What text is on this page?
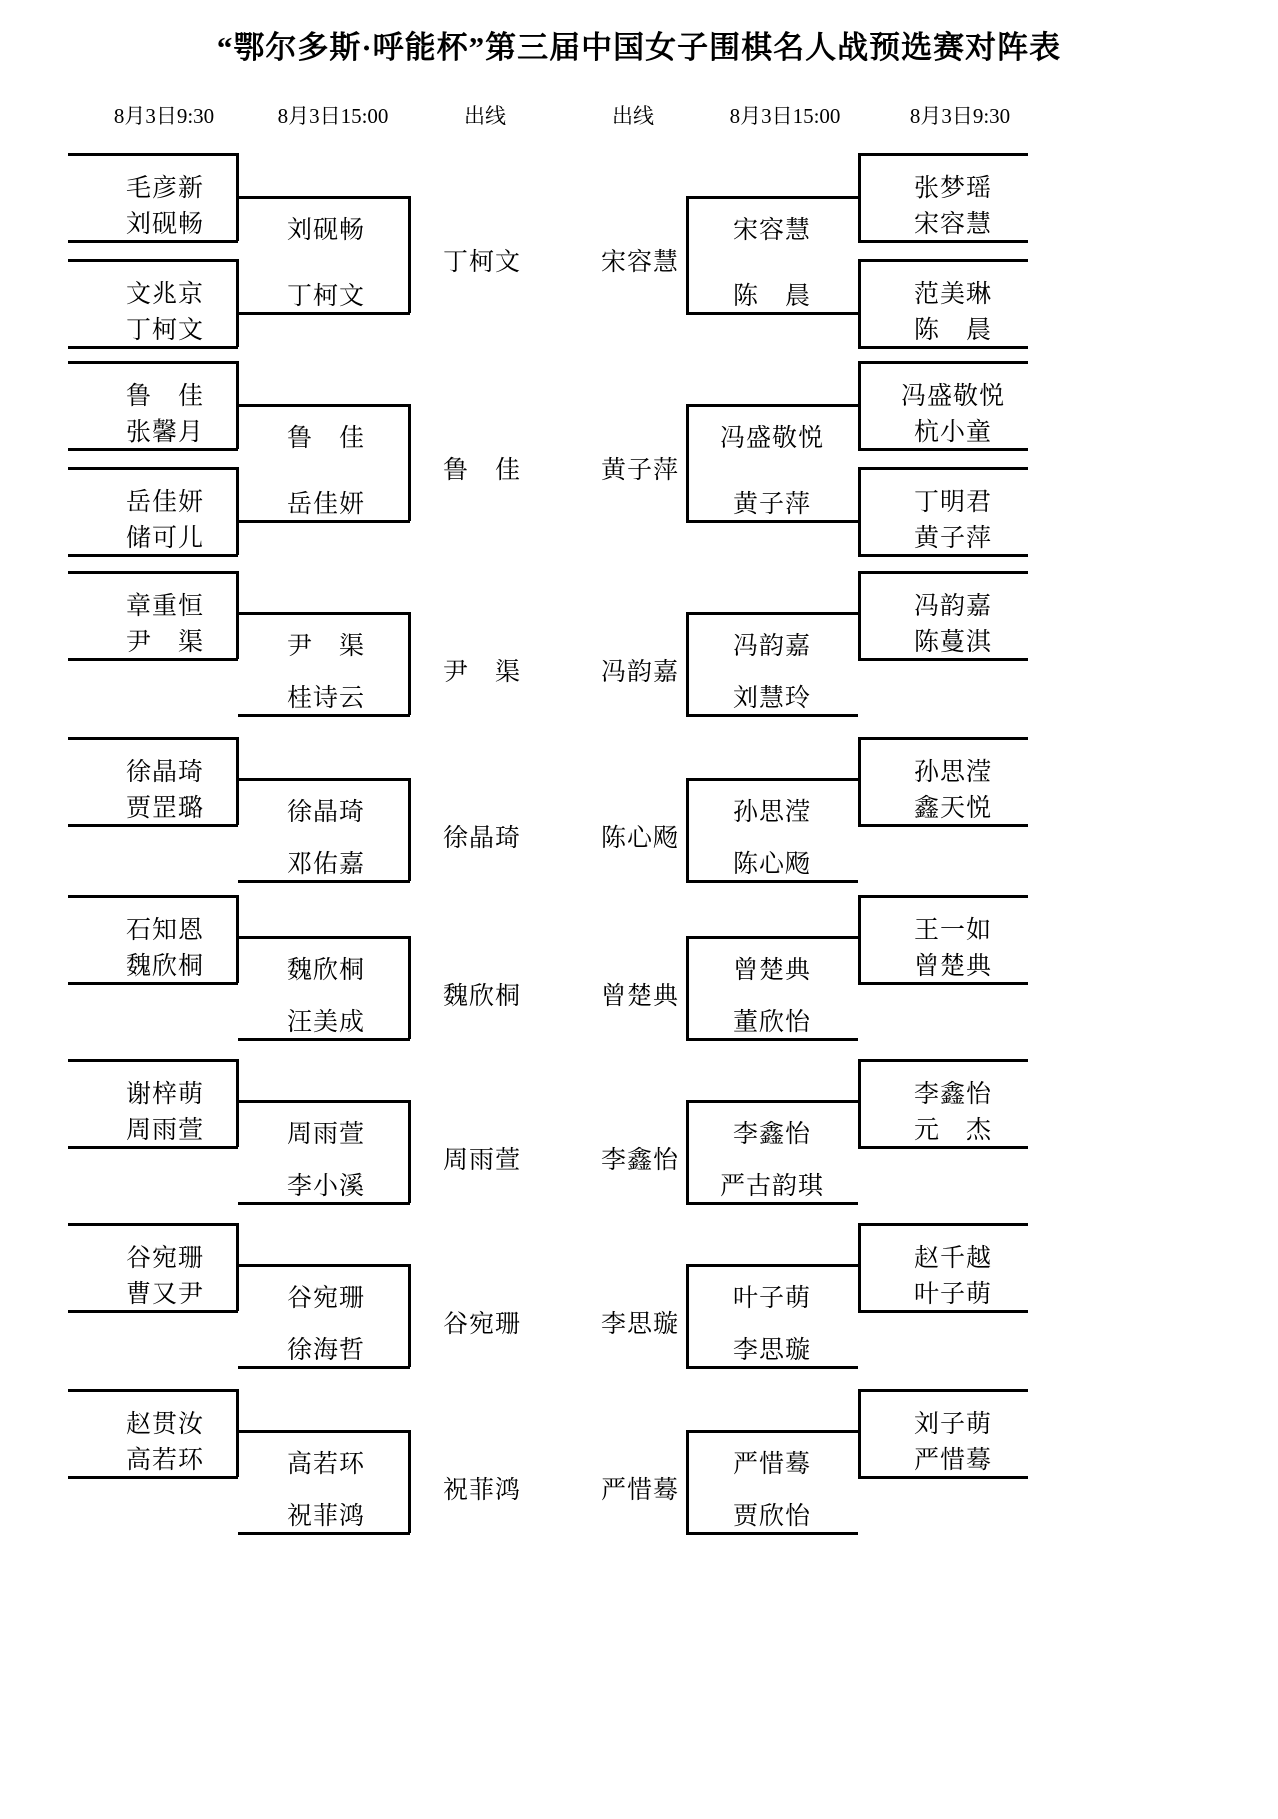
“鄂尔多斯·呼能杯”第三届中国女子围棋名人战预选赛对阵表
8月3日9:30	8月3日15:00	出线	出线	8月3日15:00	8月3日9:30
毛彦新
刘砚畅
文兆京
丁柯文
刘砚畅
丁柯文
丁柯文
鲁　佳
张馨月
岳佳妍
储可儿
鲁　佳
岳佳妍
鲁　佳
章重恒
尹　渠	尹　渠
桂诗云
尹　渠
徐晶琦
贾罡璐	徐晶琦
邓佑嘉
徐晶琦
石知恩
魏欣桐	魏欣桐
汪美成
魏欣桐
谢梓萌
周雨萱	周雨萱
李小溪
周雨萱
谷宛珊
曹又尹	谷宛珊
徐海哲
谷宛珊
赵贯汝
高若环	高若环
祝菲鸿
祝菲鸿
宋容慧
宋容慧
陈　晨
张梦瑶
宋容慧
范美琳
陈　晨
黄子萍
冯盛敬悦
黄子萍
冯盛敬悦
杭小童
丁明君
黄子萍
冯韵嘉
冯韵嘉
刘慧玲
冯韵嘉
陈蔓淇
陈心飏
孙思滢
陈心飏
孙思滢
鑫天悦
曾楚典
曾楚典
董欣怡
王一如
曾楚典
李鑫怡
李鑫怡
严古韵琪
李鑫怡
元　杰
李思璇
叶子萌
李思璇
赵千越
叶子萌
严惜蓦
严惜蓦
贾欣怡
刘子萌
严惜蓦
